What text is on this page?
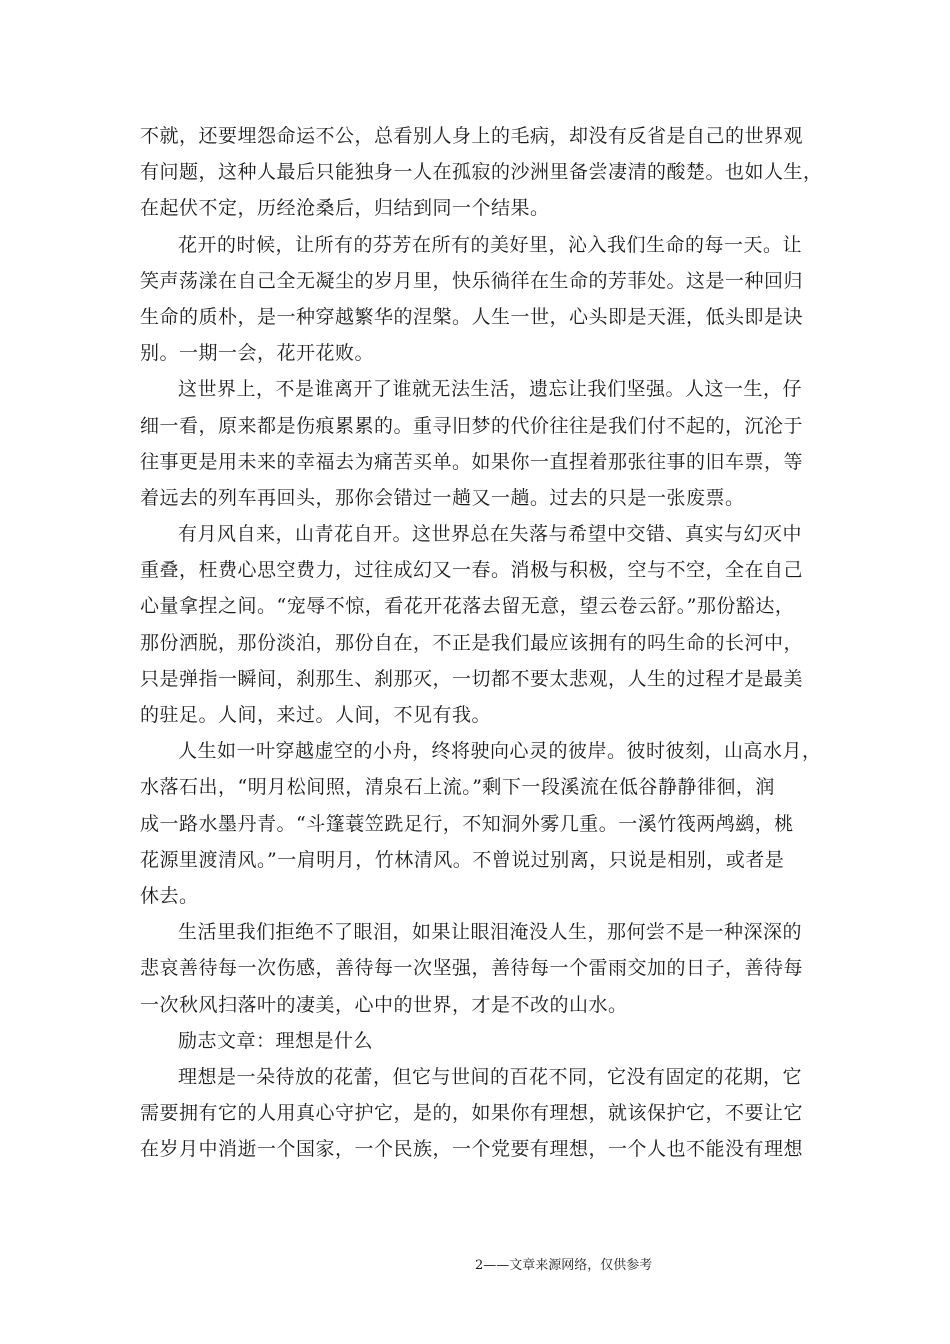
不就，还要埋怨命运不公，总看别人身上的毛病，却没有反省是自己的世界观
有问题，这种人最后只能独身一人在孤寂的沙洲里备尝凄清的酸楚。也如人生，
在起伏不定，历经沧桑后，归结到同一个结果。
花开的时候，让所有的芬芳在所有的美好里，沁入我们生命的每一天。让
笑声荡漾在自己全无凝尘的岁月里，快乐徜徉在生命的芳菲处。这是一种回归
生命的质朴，是一种穿越繁华的涅槃。人生一世，心头即是天涯，低头即是诀
别。一期一会，花开花败。
这世界上，不是谁离开了谁就无法生活，遗忘让我们坚强。人这一生，仔
细一看，原来都是伤痕累累的。重寻旧梦的代价往往是我们付不起的，沉沦于
往事更是用未来的幸福去为痛苦买单。如果你一直捏着那张往事的旧车票，等
着远去的列车再回头，那你会错过一趟又一趟。过去的只是一张废票。
有月风自来，山青花自开。这世界总在失落与希望中交错、真实与幻灭中
重叠，枉费心思空费力，过往成幻又一春。消极与积极，空与不空，全在自己
心量拿捏之间。“宠辱不惊，看花开花落去留无意，望云卷云舒。”那份豁达，
那份洒脱，那份淡泊，那份自在，不正是我们最应该拥有的吗生命的长河中，
只是弹指一瞬间，刹那生、刹那灭，一切都不要太悲观，人生的过程才是最美
的驻足。人间，来过。人间，不见有我。
人生如一叶穿越虚空的小舟，终将驶向心灵的彼岸。彼时彼刻，山高水月，
水落石出，“明月松间照，清泉石上流。”剩下一段溪流在低谷静静徘徊，润
成一路水墨丹青。“斗篷蓑笠跣足行，不知洞外雾几重。一溪竹筏两鸬鹚，桃
花源里渡清风。”一肩明月，竹林清风。不曾说过别离，只说是相别，或者是
休去。
生活里我们拒绝不了眼泪，如果让眼泪淹没人生，那何尝不是一种深深的
悲哀善待每一次伤感，善待每一次坚强，善待每一个雷雨交加的日子，善待每
一次秋风扫落叶的凄美，心中的世界，才是不改的山水。
励志文章：理想是什么
理想是一朵待放的花蕾，但它与世间的百花不同，它没有固定的花期，它
需要拥有它的人用真心守护它，是的，如果你有理想，就该保护它，不要让它
在岁月中消逝一个国家，一个民族，一个党要有理想，一个人也不能没有理想
2——文章来源网络，仅供参考
